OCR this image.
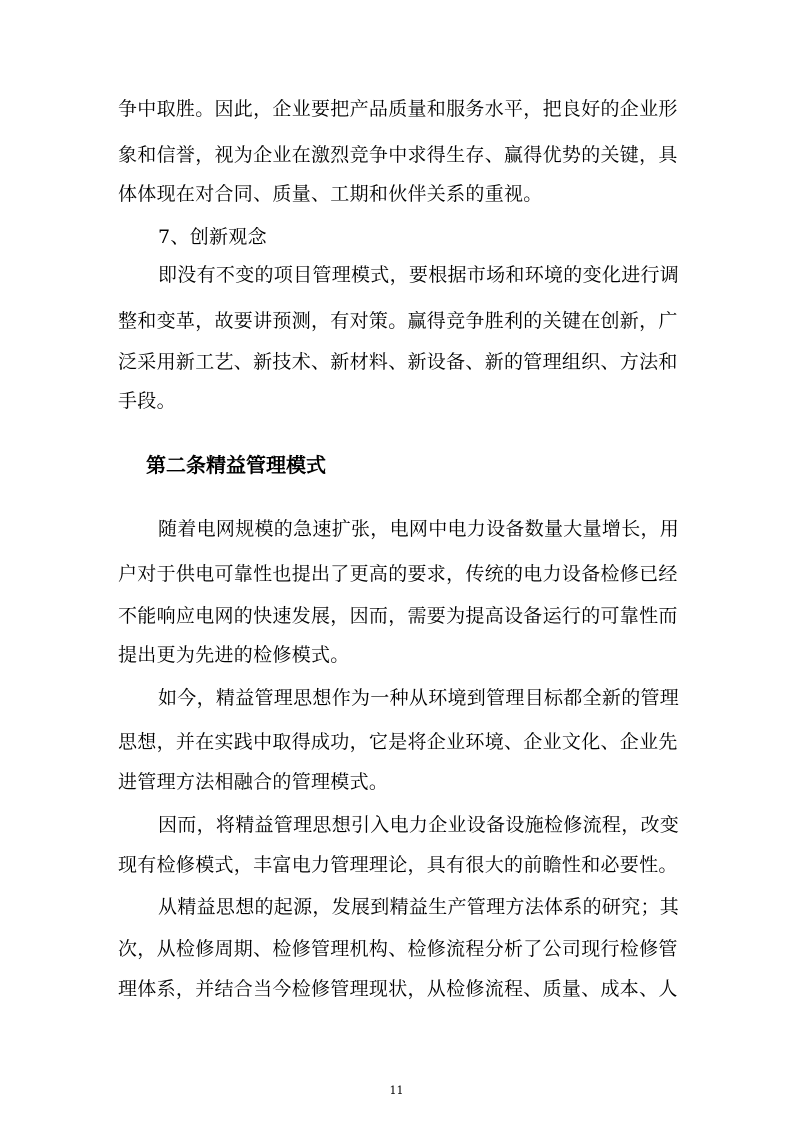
争中取胜。因此，企业要把产品质量和服务水平，把良好的企业形
象和信誉，视为企业在激烈竞争中求得生存、赢得优势的关键，具
体体现在对合同、质量、工期和伙伴关系的重视。
7、创新观念
即没有不变的项目管理模式，要根据市场和环境的变化进行调
整和变革，故要讲预测，有对策。赢得竞争胜利的关键在创新，广
泛采用新工艺、新技术、新材料、新设备、新的管理组织、方法和
手段。
第二条精益管理模式
随着电网规模的急速扩张，电网中电力设备数量大量增长，用
户对于供电可靠性也提出了更高的要求，传统的电力设备检修已经
不能响应电网的快速发展，因而，需要为提高设备运行的可靠性而
提出更为先进的检修模式。
如今，精益管理思想作为一种从环境到管理目标都全新的管理
思想，并在实践中取得成功，它是将企业环境、企业文化、企业先
进管理方法相融合的管理模式。
因而，将精益管理思想引入电力企业设备设施检修流程，改变
现有检修模式，丰富电力管理理论，具有很大的前瞻性和必要性。
从精益思想的起源，发展到精益生产管理方法体系的研究；其
次，从检修周期、检修管理机构、检修流程分析了公司现行检修管
理体系，并结合当今检修管理现状，从检修流程、质量、成本、人
11
